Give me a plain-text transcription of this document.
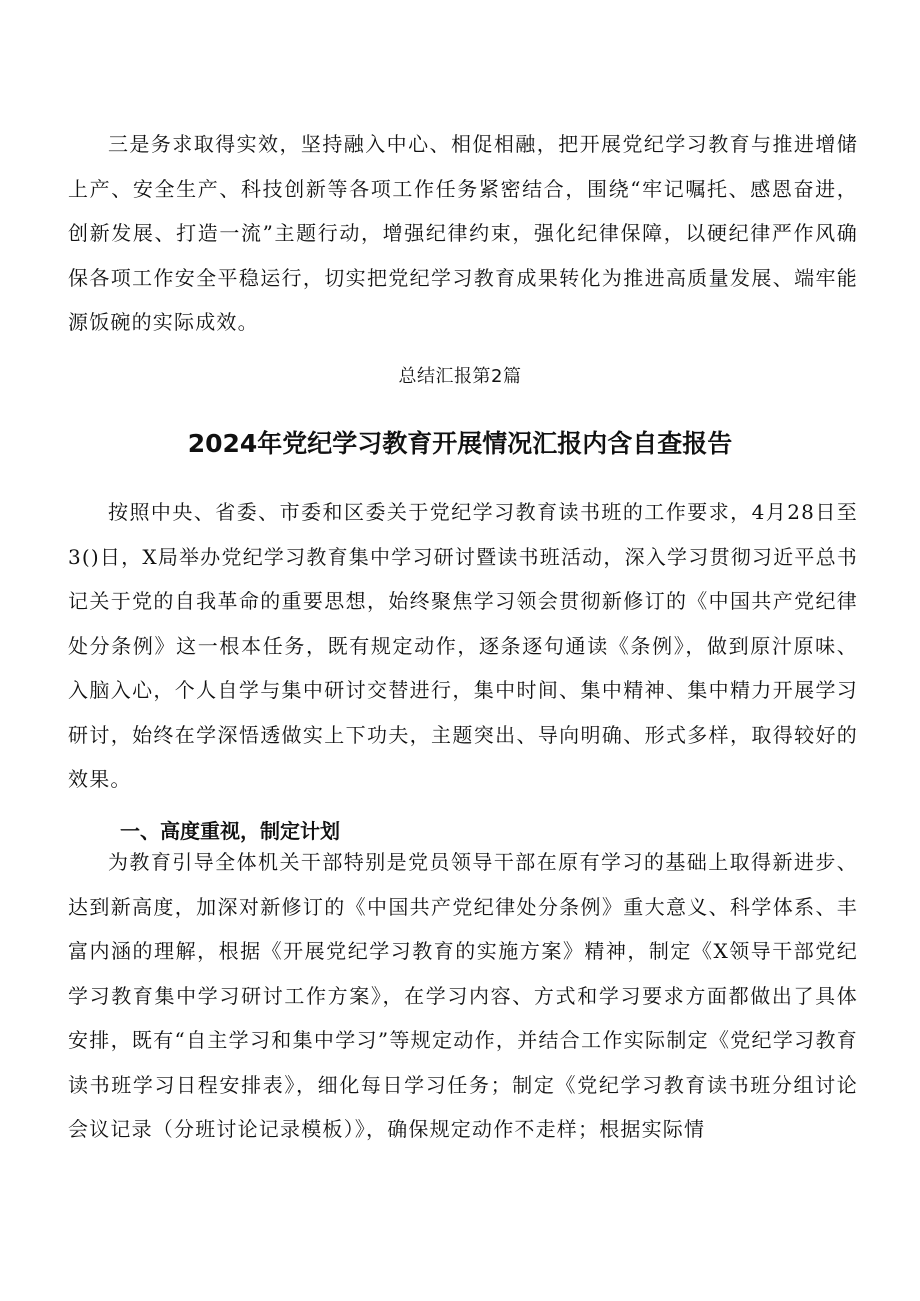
三是务求取得实效，坚持融入中心、相促相融，把开展党纪学习教育与推进增储上产、安全生产、科技创新等各项工作任务紧密结合，围绕“牢记嘱托、感恩奋进，创新发展、打造一流”主题行动，增强纪律约束，强化纪律保障，以硬纪律严作风确保各项工作安全平稳运行，切实把党纪学习教育成果转化为推进高质量发展、端牢能源饭碗的实际成效。

总结汇报第2篇

2024年党纪学习教育开展情况汇报内含自查报告

按照中央、省委、市委和区委关于党纪学习教育读书班的工作要求，4月28日至3()日，X局举办党纪学习教育集中学习研讨暨读书班活动，深入学习贯彻习近平总书记关于党的自我革命的重要思想，始终聚焦学习领会贯彻新修订的《中国共产党纪律处分条例》这一根本任务，既有规定动作，逐条逐句通读《条例》，做到原汁原味、入脑入心，个人自学与集中研讨交替进行，集中时间、集中精神、集中精力开展学习研讨，始终在学深悟透做实上下功夫，主题突出、导向明确、形式多样，取得较好的效果。

一、高度重视，制定计划

为教育引导全体机关干部特别是党员领导干部在原有学习的基础上取得新进步、达到新高度，加深对新修订的《中国共产党纪律处分条例》重大意义、科学体系、丰富内涵的理解，根据《开展党纪学习教育的实施方案》精神，制定《X领导干部党纪学习教育集中学习研讨工作方案》，在学习内容、方式和学习要求方面都做出了具体安排，既有“自主学习和集中学习”等规定动作，并结合工作实际制定《党纪学习教育读书班学习日程安排表》，细化每日学习任务；制定《党纪学习教育读书班分组讨论会议记录（分班讨论记录模板）》，确保规定动作不走样；根据实际情
